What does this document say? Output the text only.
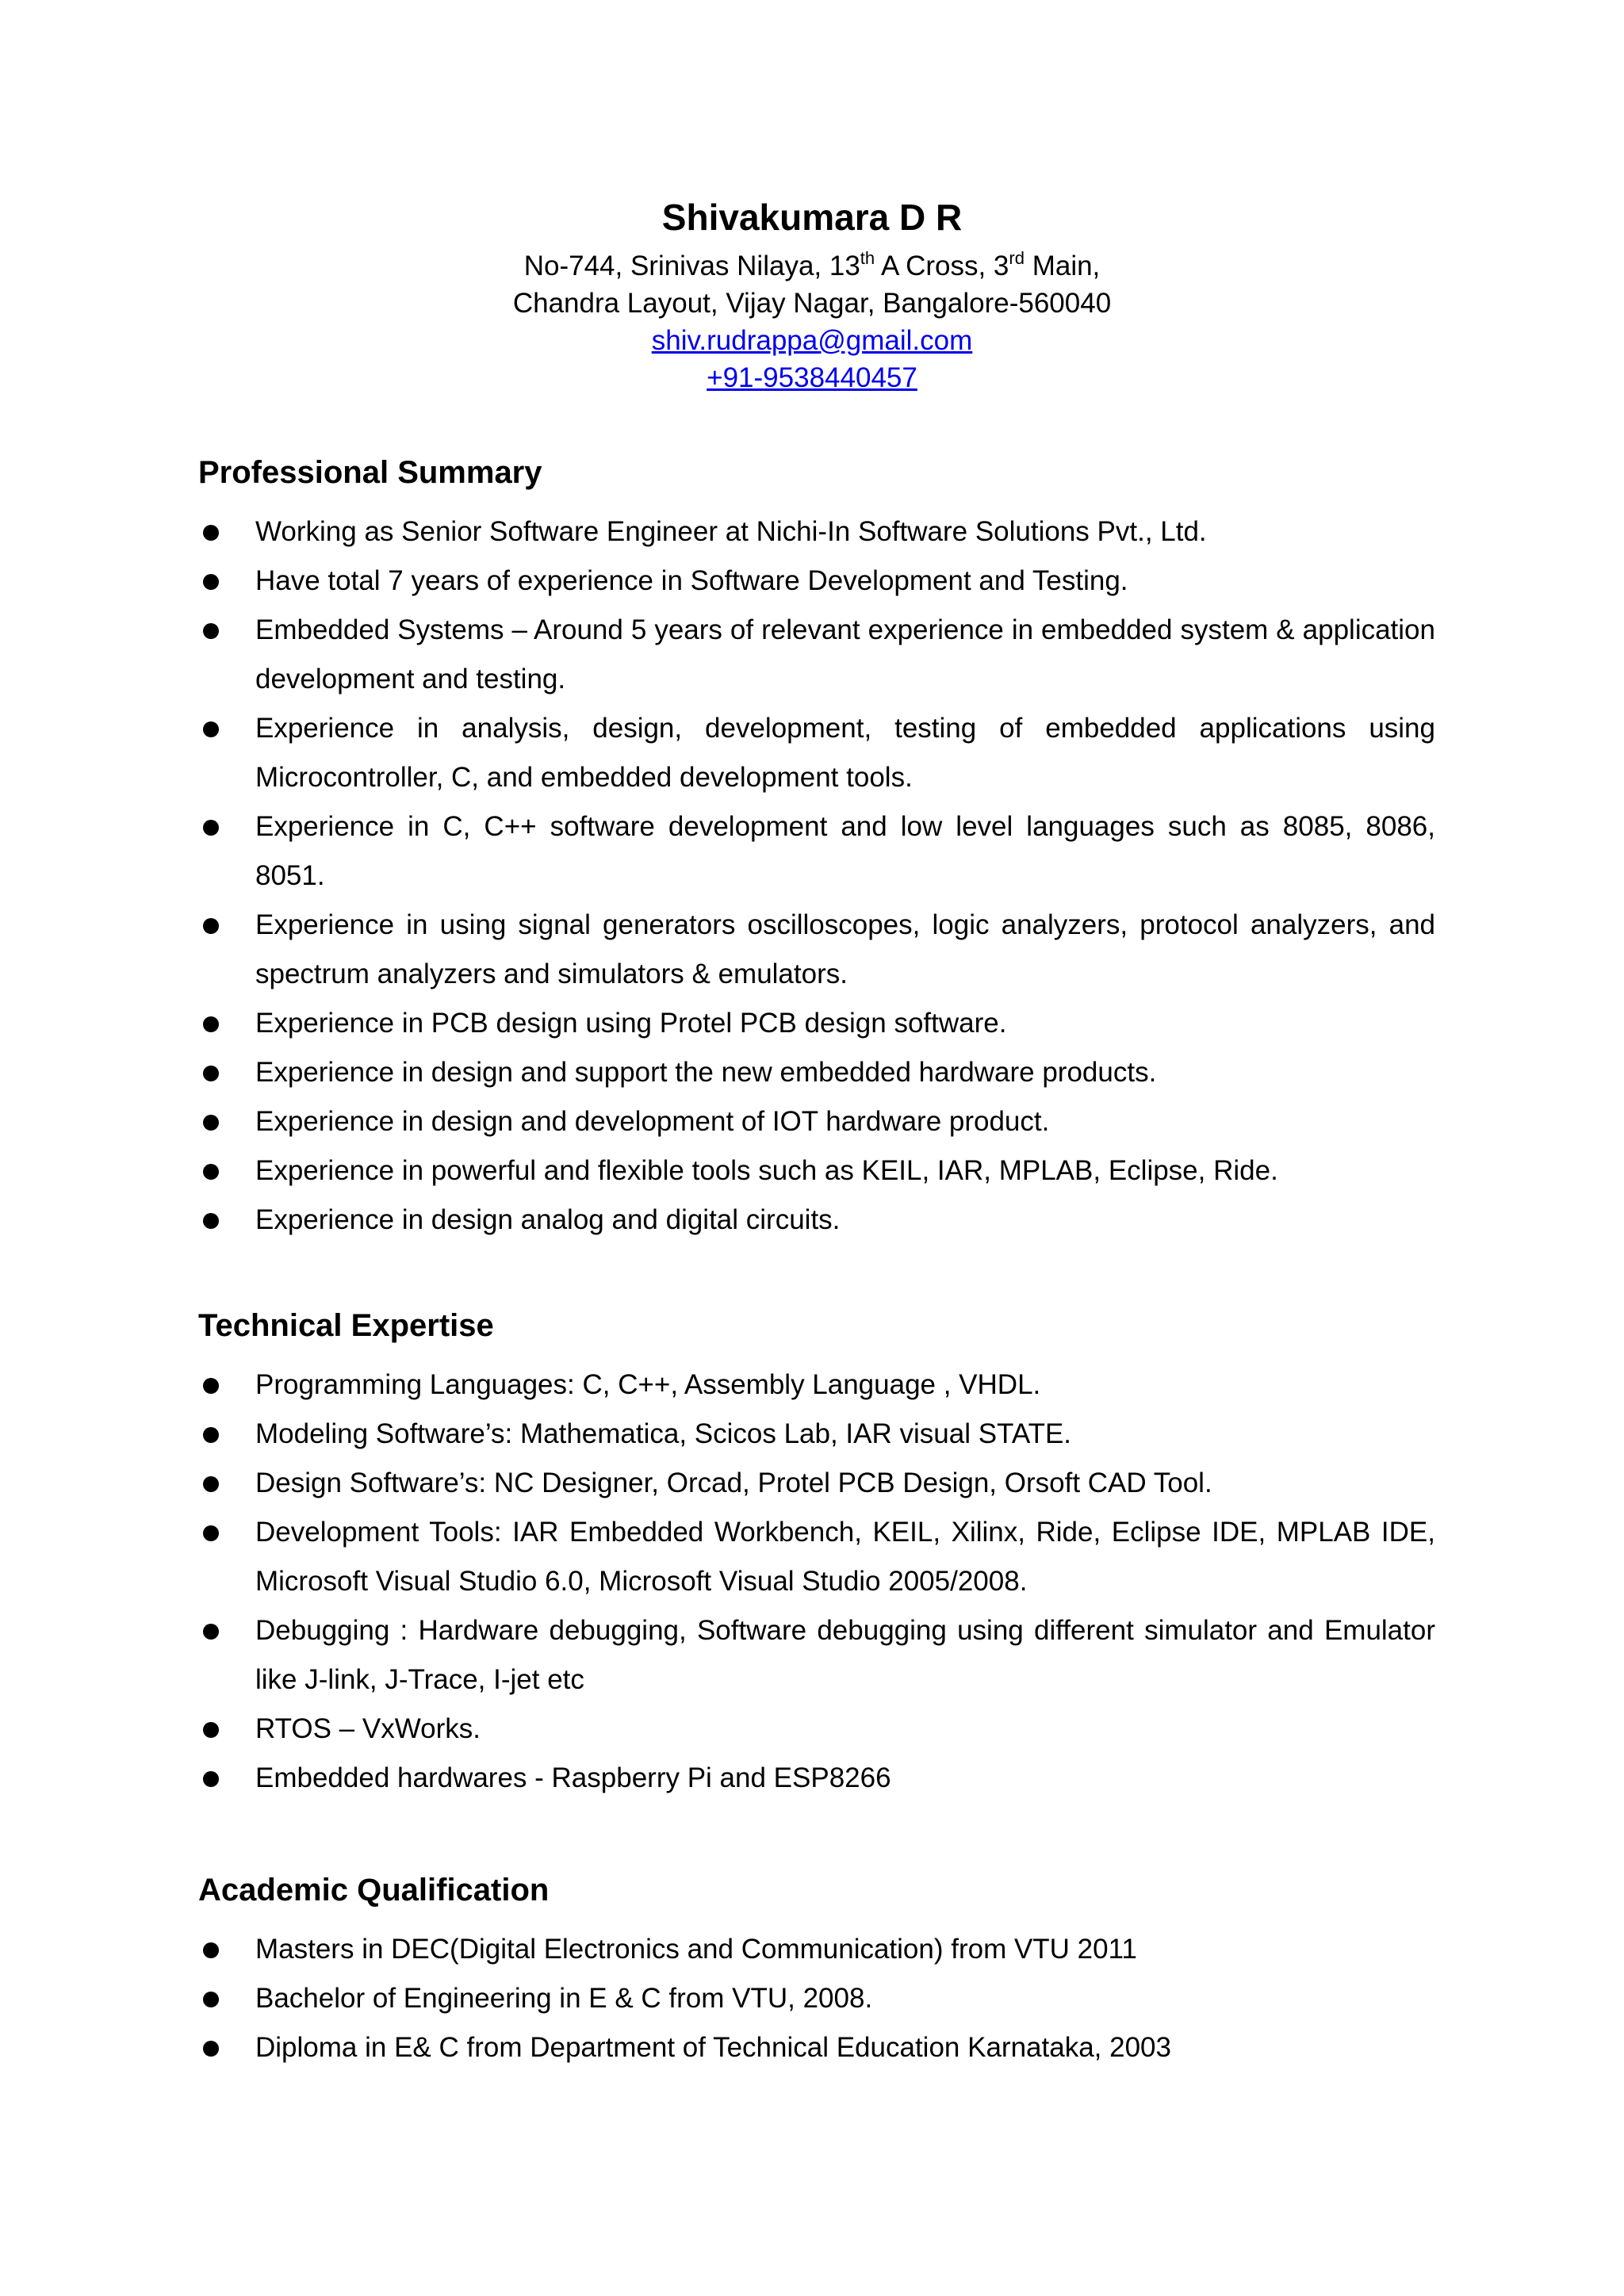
Shivakumara D R

No-744, Srinivas Nilaya, 13th A Cross, 3rd Main,

Chandra Layout, Vijay Nagar, Bangalore-560040

shiv.rudrappa@gmail.com

+91-9538440457

Professional Summary
Working as Senior Software Engineer at Nichi-In Software Solutions Pvt., Ltd.
Have total 7 years of experience in Software Development and Testing.
Embedded Systems – Around 5 years of relevant experience in embedded system & application development and testing.
Experience in analysis, design, development, testing of embedded applications using Microcontroller, C, and embedded development tools.
Experience in C, C++ software development and low level languages such as 8085, 8086, 8051.
Experience in using signal generators oscilloscopes, logic analyzers, protocol analyzers, and spectrum analyzers and simulators & emulators.
Experience in PCB design using Protel PCB design software.
Experience in design and support the new embedded hardware products.
Experience in design and development of IOT hardware product.
Experience in powerful and flexible tools such as KEIL, IAR, MPLAB, Eclipse, Ride.
Experience in design analog and digital circuits.
Technical Expertise
Programming Languages: C, C++, Assembly Language , VHDL.
Modeling Software’s: Mathematica, Scicos Lab, IAR visual STATE.
Design Software’s: NC Designer, Orcad, Protel PCB Design, Orsoft CAD Tool.
Development Tools: IAR Embedded Workbench, KEIL, Xilinx, Ride, Eclipse IDE, MPLAB IDE, Microsoft Visual Studio 6.0, Microsoft Visual Studio 2005/2008.
Debugging : Hardware debugging, Software debugging using different simulator and Emulator like J-link, J-Trace, I-jet etc
RTOS – VxWorks.
Embedded hardwares - Raspberry Pi and ESP8266
Academic Qualification
Masters in DEC(Digital Electronics and Communication) from VTU 2011
Bachelor of Engineering in E & C from VTU, 2008.
Diploma in E& C from Department of Technical Education Karnataka, 2003
